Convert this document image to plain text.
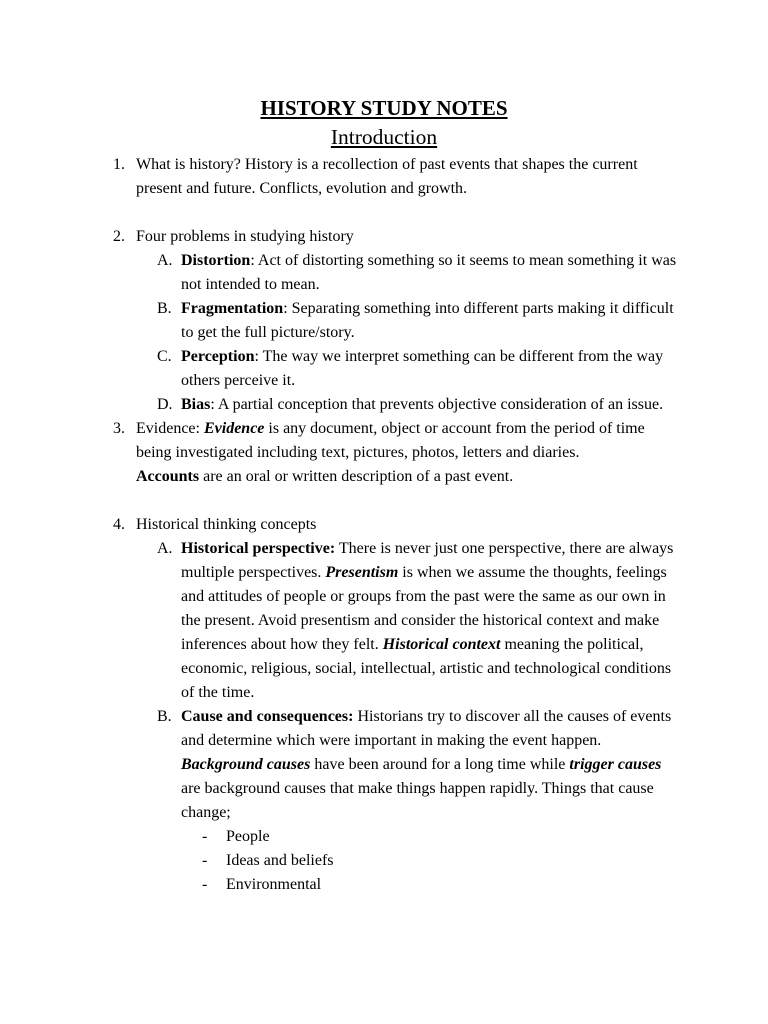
HISTORY STUDY NOTES
Introduction
1. What is history? History is a recollection of past events that shapes the current present and future. Conflicts, evolution and growth.
2. Four problems in studying history
A. Distortion: Act of distorting something so it seems to mean something it was not intended to mean.
B. Fragmentation: Separating something into different parts making it difficult to get the full picture/story.
C. Perception: The way we interpret something can be different from the way others perceive it.
D. Bias: A partial conception that prevents objective consideration of an issue.
3. Evidence: Evidence is any document, object or account from the period of time being investigated including text, pictures, photos, letters and diaries.
Accounts are an oral or written description of a past event.
4. Historical thinking concepts
A. Historical perspective: There is never just one perspective, there are always multiple perspectives. Presentism is when we assume the thoughts, feelings and attitudes of people or groups from the past were the same as our own in the present. Avoid presentism and consider the historical context and make inferences about how they felt. Historical context meaning the political, economic, religious, social, intellectual, artistic and technological conditions of the time.
B. Cause and consequences: Historians try to discover all the causes of events and determine which were important in making the event happen. Background causes have been around for a long time while trigger causes are background causes that make things happen rapidly. Things that cause change;
- People
- Ideas and beliefs
- Environmental
